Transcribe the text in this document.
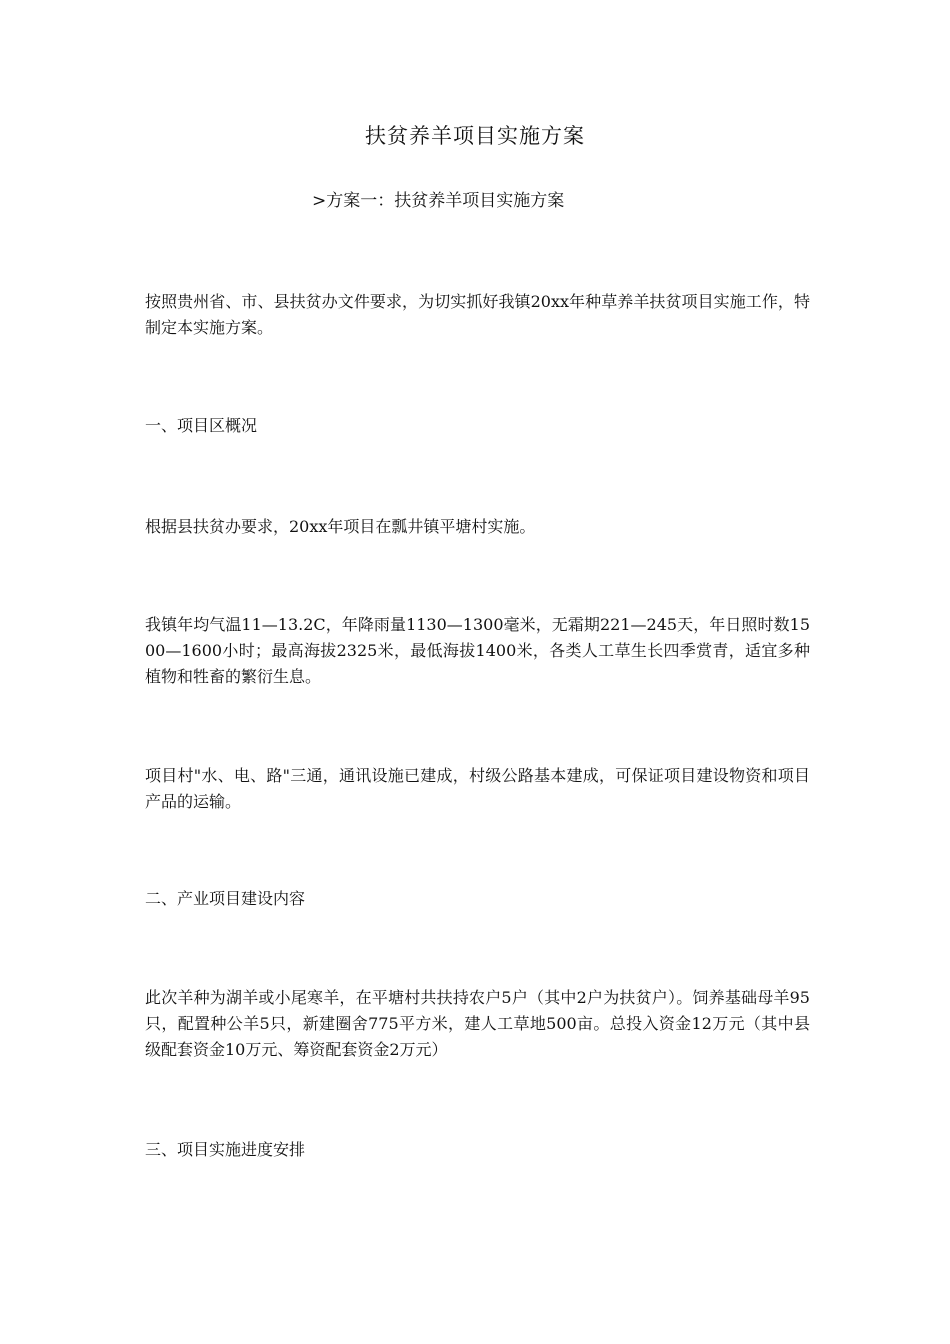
扶贫养羊项目实施方案
>方案一：扶贫养羊项目实施方案

按照贵州省、市、县扶贫办文件要求，为切实抓好我镇20xx年种草养羊扶贫项目实施工作，特制定本实施方案。

一、项目区概况

根据县扶贫办要求，20xx年项目在瓢井镇平塘村实施。

我镇年均气温11—13.2C，年降雨量1130—1300毫米，无霜期221—245天，年日照时数1500—1600小时；最高海拔2325米，最低海拔1400米，各类人工草生长四季赏青，适宜多种植物和牲畜的繁衍生息。

项目村"水、电、路"三通，通讯设施已建成，村级公路基本建成，可保证项目建设物资和项目产品的运输。

二、产业项目建设内容

此次羊种为湖羊或小尾寒羊，在平塘村共扶持农户5户（其中2户为扶贫户）。饲养基础母羊95只，配置种公羊5只，新建圈舍775平方米，建人工草地500亩。总投入资金12万元（其中县级配套资金10万元、筹资配套资金2万元）

三、项目实施进度安排
